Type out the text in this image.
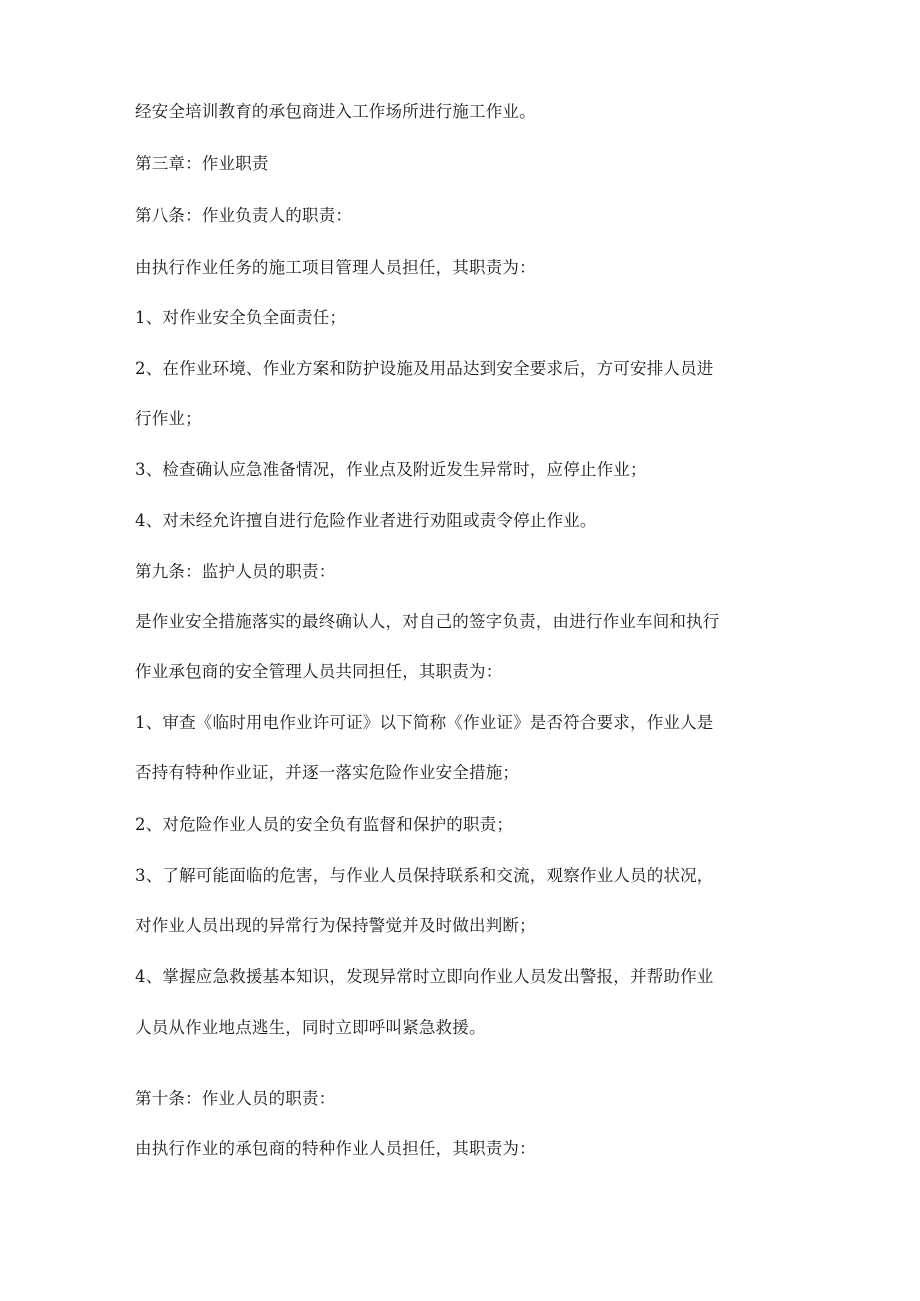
经安全培训教育的承包商进入工作场所进行施工作业。
第三章：作业职责
第八条：作业负责人的职责：
由执行作业任务的施工项目管理人员担任，其职责为：
1、对作业安全负全面责任；
2、在作业环境、作业方案和防护设施及用品达到安全要求后，方可安排人员进
行作业；
3、检查确认应急准备情况，作业点及附近发生异常时，应停止作业；
4、对未经允许擅自进行危险作业者进行劝阻或责令停止作业。
第九条：监护人员的职责：
是作业安全措施落实的最终确认人，对自己的签字负责，由进行作业车间和执行
作业承包商的安全管理人员共同担任，其职责为：
1、审查《临时用电作业许可证》以下简称《作业证》是否符合要求，作业人是
否持有特种作业证，并逐一落实危险作业安全措施；
2、对危险作业人员的安全负有监督和保护的职责；
3、了解可能面临的危害，与作业人员保持联系和交流，观察作业人员的状况，
对作业人员出现的异常行为保持警觉并及时做出判断；
4、掌握应急救援基本知识，发现异常时立即向作业人员发出警报，并帮助作业
人员从作业地点逃生，同时立即呼叫紧急救援。
第十条：作业人员的职责：
由执行作业的承包商的特种作业人员担任，其职责为：
